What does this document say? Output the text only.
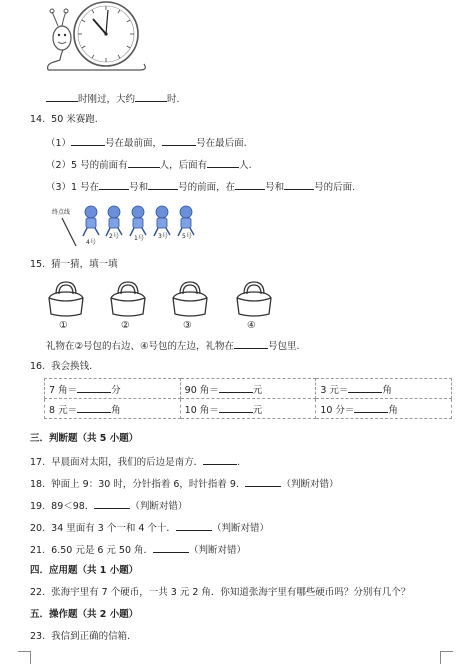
时刚过，大约	时.
14. 50 米赛跑.
（1）	号在最前面，	号在最后面.
（2）5 号的前面有	人，后面有	人.
（3）1 号在	号和	号的前面，在	号和	号的后面.
终点线
4号
2号	1号 3号 5号
15. 猜一猜，填一填
①	②	③	④
礼物在②号包的右边、④号包的左边，礼物在	号包里.
16. 我会换钱.
7 角＝ 分	90 角＝ 元	3 元＝ 角
8 元＝ 角	10 角＝ 元	10 分＝ 角
三．判断题（共 5 小题）
17. 早晨面对太阳，我们的后边是南方．	.
18. 钟面上 9：30 时，分针指着 6，时针指着 9．	（判断对错）
19. 89＜98．	（判断对错）
20. 34 里面有 3 个一和 4 个十．	（判断对错）
21. 6.50 元是 6 元 50 角．	（判断对错）
四．应用题（共 1 小题）
22. 张海宇里有 7 个硬币，一共 3 元 2 角．你知道张海宇里有哪些硬币吗？分别有几个？
五．操作题（共 2 小题）
23. 我信到正确的信箱．
